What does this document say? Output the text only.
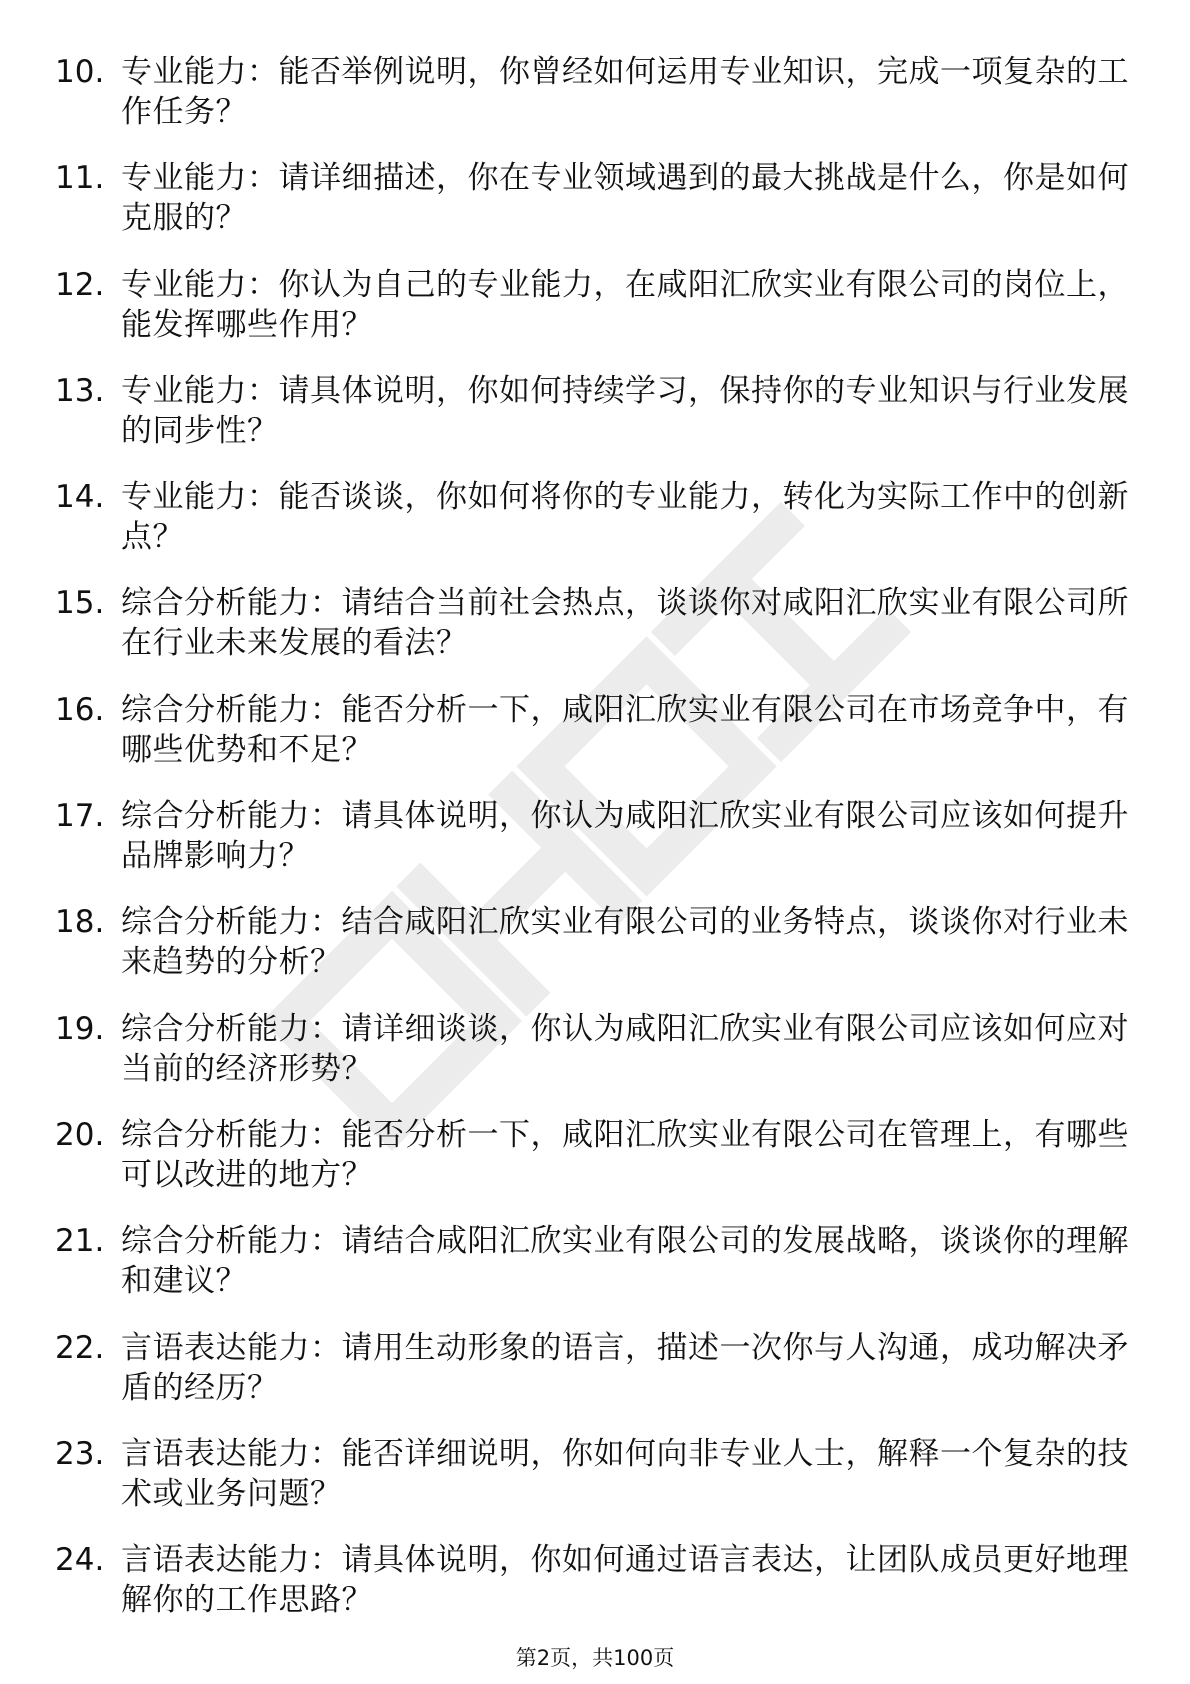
10. 专业能力：能否举例说明，你曾经如何运用专业知识，完成一项复杂的工作任务？
11. 专业能力：请详细描述，你在专业领域遇到的最大挑战是什么，你是如何克服的？
12. 专业能力：你认为自己的专业能力，在咸阳汇欣实业有限公司的岗位上，能发挥哪些作用？
13. 专业能力：请具体说明，你如何持续学习，保持你的专业知识与行业发展的同步性？
14. 专业能力：能否谈谈，你如何将你的专业能力，转化为实际工作中的创新点？
15. 综合分析能力：请结合当前社会热点，谈谈你对咸阳汇欣实业有限公司所在行业未来发展的看法？
16. 综合分析能力：能否分析一下，咸阳汇欣实业有限公司在市场竞争中，有哪些优势和不足？
17. 综合分析能力：请具体说明，你认为咸阳汇欣实业有限公司应该如何提升品牌影响力？
18. 综合分析能力：结合咸阳汇欣实业有限公司的业务特点，谈谈你对行业未来趋势的分析？
19. 综合分析能力：请详细谈谈，你认为咸阳汇欣实业有限公司应该如何应对当前的经济形势？
20. 综合分析能力：能否分析一下，咸阳汇欣实业有限公司在管理上，有哪些可以改进的地方？
21. 综合分析能力：请结合咸阳汇欣实业有限公司的发展战略，谈谈你的理解和建议？
22. 言语表达能力：请用生动形象的语言，描述一次你与人沟通，成功解决矛盾的经历？
23. 言语表达能力：能否详细说明，你如何向非专业人士，解释一个复杂的技术或业务问题？
24. 言语表达能力：请具体说明，你如何通过语言表达，让团队成员更好地理解你的工作思路？
第2页，共100页
